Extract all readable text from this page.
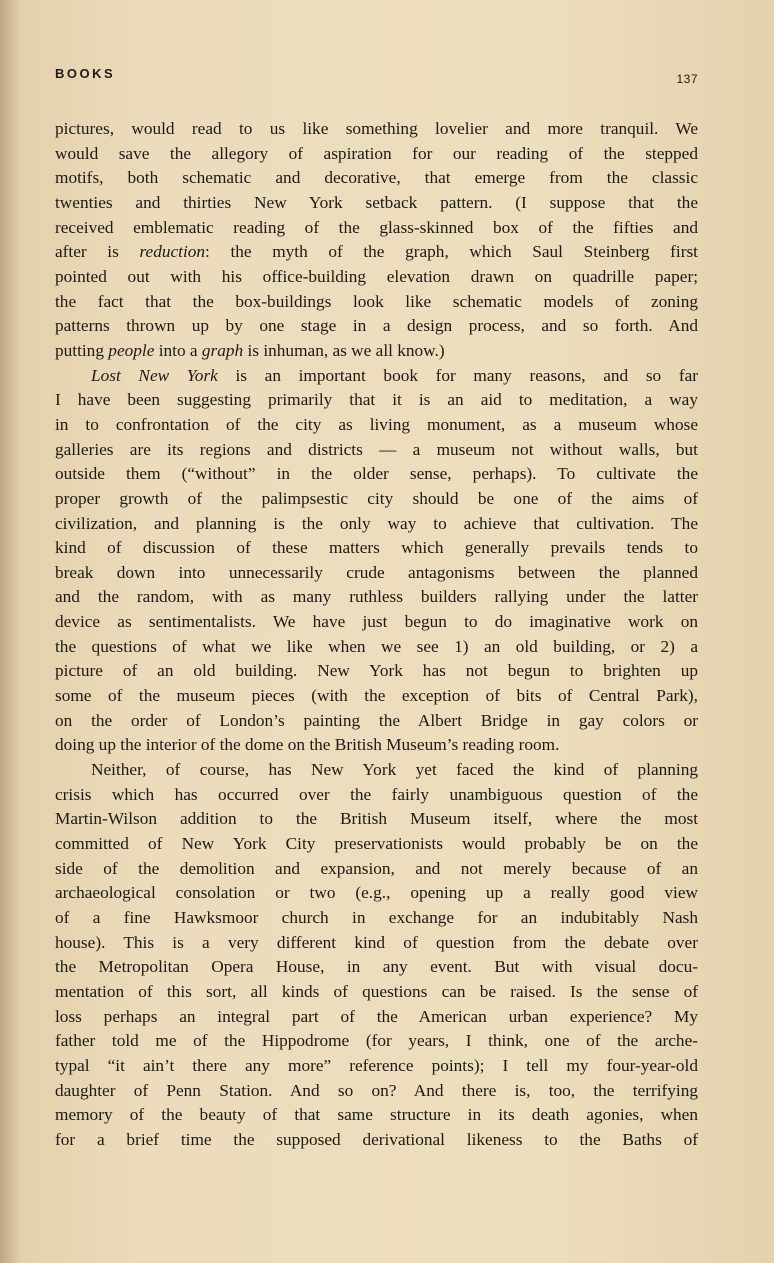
BOOKS	137
pictures, would read to us like something lovelier and more tranquil. We
would save the allegory of aspiration for our reading of the stepped
motifs, both schematic and decorative, that emerge from the classic
twenties and thirties New York setback pattern. (I suppose that the
received emblematic reading of the glass-skinned box of the fifties and
after is reduction: the myth of the graph, which Saul Steinberg first
pointed out with his office-building elevation drawn on quadrille paper;
the fact that the box-buildings look like schematic models of zoning
patterns thrown up by one stage in a design process, and so forth. And
putting people into a graph is inhuman, as we all know.)
Lost New York is an important book for many reasons, and so far
I have been suggesting primarily that it is an aid to meditation, a way
in to confrontation of the city as living monument, as a museum whose
galleries are its regions and districts — a museum not without walls, but
outside them (“without” in the older sense, perhaps). To cultivate the
proper growth of the palimpsestic city should be one of the aims of
civilization, and planning is the only way to achieve that cultivation. The
kind of discussion of these matters which generally prevails tends to
break down into unnecessarily crude antagonisms between the planned
and the random, with as many ruthless builders rallying under the latter
device as sentimentalists. We have just begun to do imaginative work on
the questions of what we like when we see 1) an old building, or 2) a
picture of an old building. New York has not begun to brighten up
some of the museum pieces (with the exception of bits of Central Park),
on the order of London’s painting the Albert Bridge in gay colors or
doing up the interior of the dome on the British Museum’s reading room.
Neither, of course, has New York yet faced the kind of planning
crisis which has occurred over the fairly unambiguous question of the
Martin-Wilson addition to the British Museum itself, where the most
committed of New York City preservationists would probably be on the
side of the demolition and expansion, and not merely because of an
archaeological consolation or two (e.g., opening up a really good view
of a fine Hawksmoor church in exchange for an indubitably Nash
house). This is a very different kind of question from the debate over
the Metropolitan Opera House, in any event. But with visual docu-
mentation of this sort, all kinds of questions can be raised. Is the sense of
loss perhaps an integral part of the American urban experience? My
father told me of the Hippodrome (for years, I think, one of the arche-
typal “it ain’t there any more” reference points); I tell my four-year-old
daughter of Penn Station. And so on? And there is, too, the terrifying
memory of the beauty of that same structure in its death agonies, when
for a brief time the supposed derivational likeness to the Baths of
